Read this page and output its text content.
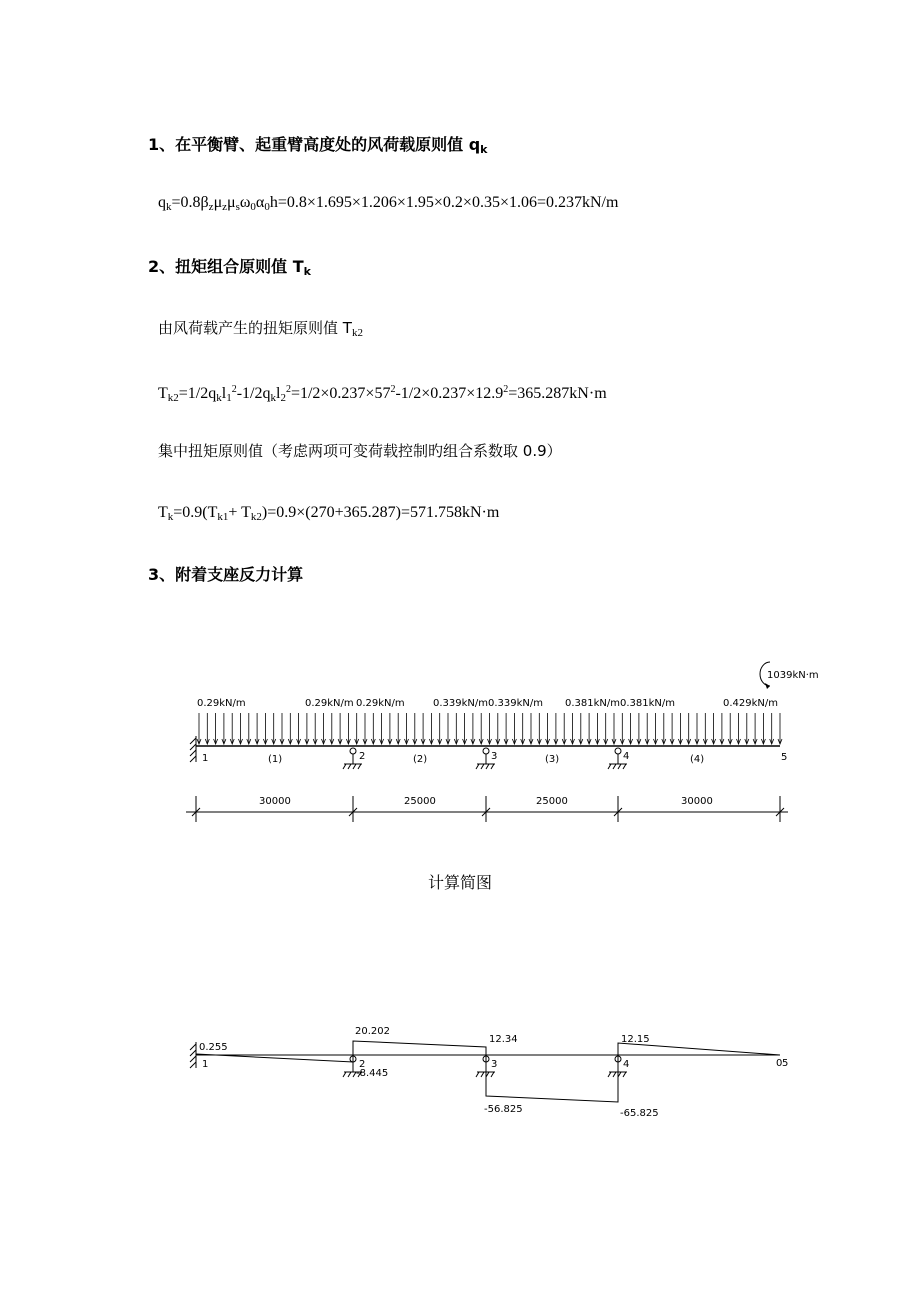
1、在平衡臂、起重臂高度处的风荷载原则值 $q_k$
$q_k=0.8\beta_z\mu_z\mu_s\omega_0\alpha_0h=0.8\times 1.695\times 1.206\times 1.95\times 0.2\times 0.35\times 1.06=0.237kN/m$
2、扭矩组合原则值 $T_k$
由风荷载产生的扭矩原则值 $T_{k2}$
$T_{k2}=1/2q_kl_1^2-1/2q_kl_2^2=1/2\times 0.237\times 57^2-1/2\times 0.237\times 12.9^2=365.287kN\cdot m$
集中扭矩原则值（考虑两项可变荷载控制旳组合系数取 0.9）
$T_k=0.9(T_{k1}+ T_{k2})=0.9\times(270+365.287)=571.758kN\cdot m$
3、附着支座反力计算
1039kN·m
0.29kN/m	0.29kN/m 0.29kN/m	0.339kN/m 0.339kN/m 0.381kN/m 0.381kN/m	0.429kN/m
1	2	3	4	5
(1)	(2)	(3)	(4)
30000	25000	25000	30000
计算简图
0.255
-8.445
20.202
12.34
-56.825
12.15
-65.825
0
1	2	3	4	5
